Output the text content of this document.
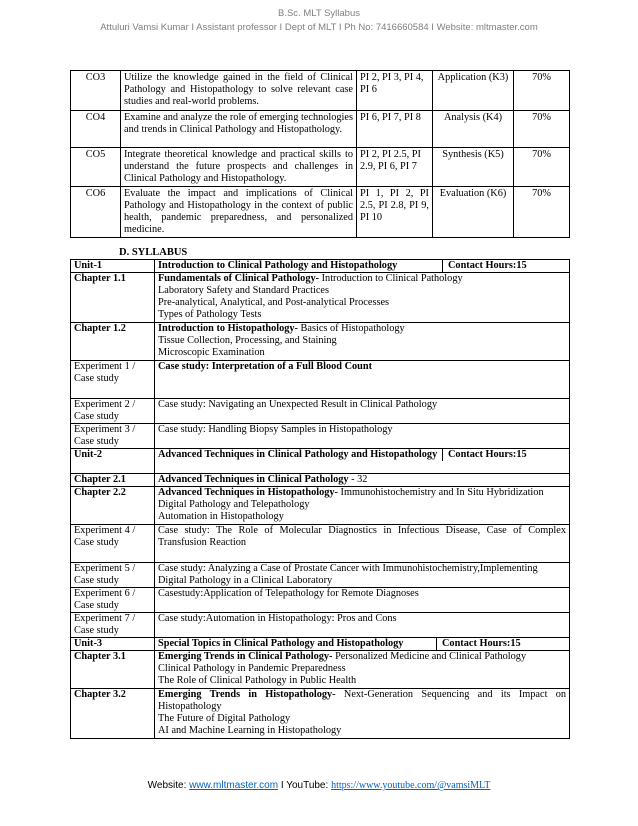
B.Sc. MLT Syllabus
Attuluri Vamsi Kumar I Assistant professor I Dept of MLT I Ph No: 7416660584 I Website: mltmaster.com
CO3	Utilize the knowledge gained in the field of Clinical Pathology and Histopathology to solve relevant case studies and real-world problems.	PI 2, PI 3, PI 4, PI 6	Application (K3)	70%
CO4	Examine and analyze the role of emerging technologies and trends in Clinical Pathology and Histopathology.	PI 6, PI 7, PI 8	Analysis (K4)	70%
CO5	Integrate theoretical knowledge and practical skills to understand the future prospects and challenges in Clinical Pathology and Histopathology.	PI 2, PI 2.5, PI 2.9, PI 6, PI 7	Synthesis (K5)	70%
CO6	Evaluate the impact and implications of Clinical Pathology and Histopathology in the context of public health, pandemic preparedness, and personalized medicine.	PI 1, PI 2, PI 2.5, PI 2.8, PI 9, PI 10	Evaluation (K6)	70%
D. SYLLABUS
Unit-1	Introduction to Clinical Pathology and Histopathology Contact Hours:15

Chapter 1.1	Fundamentals of Clinical Pathology- Introduction to Clinical Pathology
Laboratory Safety and Standard Practices
Pre-analytical, Analytical, and Post-analytical Processes
Types of Pathology Tests

Chapter 1.2	Introduction to Histopathology- Basics of Histopathology
Tissue Collection, Processing, and Staining
Microscopic Examination

Experiment 1 / Case study	Case study: Interpretation of a Full Blood Count
Experiment 2 / Case study	Case study: Navigating an Unexpected Result in Clinical Pathology
Experiment 3 / Case study	Case study: Handling Biopsy Samples in Histopathology
Unit-2	Advanced Techniques in Clinical Pathology and Histopathology Contact Hours:15

Chapter 2.1	Advanced Techniques in Clinical Pathology - 32
Chapter 2.2	Advanced Techniques in Histopathology- Immunohistochemistry and In Situ Hybridization
Digital Pathology and Telepathology
Automation in Histopathology

Experiment 4 / Case study	Case study: The Role of Molecular Diagnostics in Infectious Disease, Case of Complex Transfusion Reaction
Experiment 5 / Case study	Case study: Analyzing a Case of Prostate Cancer with Immunohistochemistry,Implementing Digital Pathology in a Clinical Laboratory
Experiment 6 / Case study	Casestudy:Application of Telepathology for Remote Diagnoses
Experiment 7 / Case study	Case study:Automation in Histopathology: Pros and Cons
Unit-3	Special Topics in Clinical Pathology and Histopathology Contact Hours:15

Chapter 3.1	Emerging Trends in Clinical Pathology- Personalized Medicine and Clinical Pathology
Clinical Pathology in Pandemic Preparedness
The Role of Clinical Pathology in Public Health

Chapter 3.2	Emerging Trends in Histopathology- Next-Generation Sequencing and its Impact on Histopathology
The Future of Digital Pathology
AI and Machine Learning in Histopathology
Website: www.mltmaster.com I YouTube: https://www.youtube.com/@vamsiMLT
